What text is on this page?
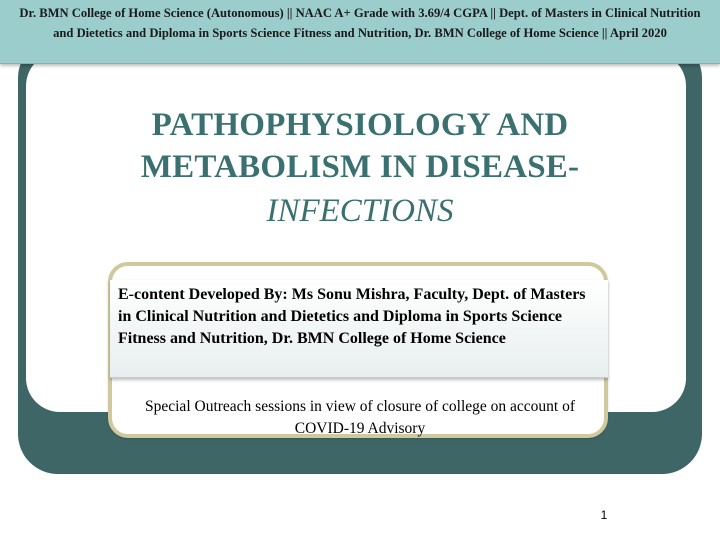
Dr. BMN College of Home Science (Autonomous) || NAAC A+ Grade with 3.69/4 CGPA || Dept. of Masters in Clinical Nutrition and Dietetics and Diploma in Sports Science Fitness and Nutrition, Dr. BMN College of Home Science || April 2020
PATHOPHYSIOLOGY AND
METABOLISM IN DISEASE-
INFECTIONS
E-content Developed By: Ms Sonu Mishra, Faculty, Dept. of Masters in Clinical Nutrition and Dietetics and Diploma in Sports Science Fitness and Nutrition, Dr. BMN College of Home Science
Special Outreach sessions in view of closure of college on account of COVID-19 Advisory
1
